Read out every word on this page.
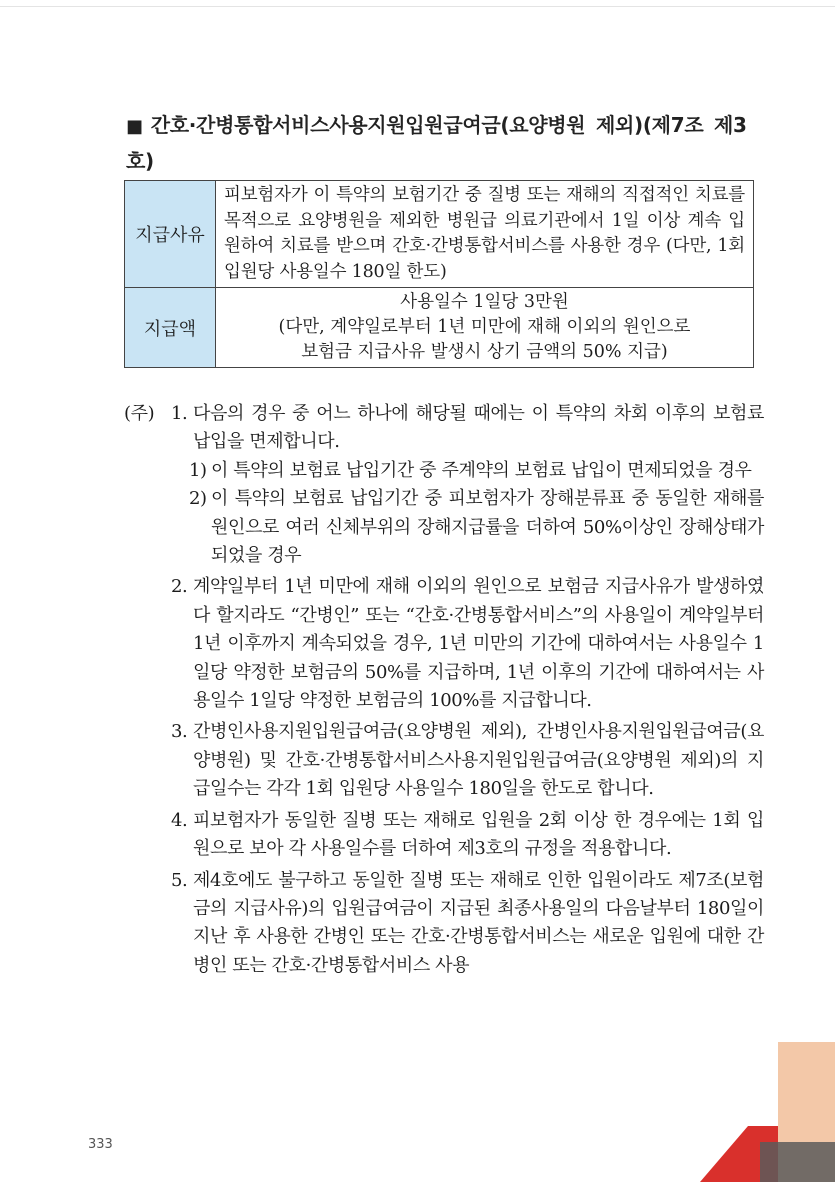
■ 간호·간병통합서비스사용지원입원급여금(요양병원 제외)(제7조 제3호)
지급사유	피보험자가 이 특약의 보험기간 중 질병 또는 재해의 직접적인 치료를 목적으로 요양병원을 제외한 병원급 의료기관에서 1일 이상 계속 입원하여 치료를 받으며 간호·간병통합서비스를 사용한 경우 (다만, 1회 입원당 사용일수 180일 한도)
지급액	사용일수 1일당 3만원
(다만, 계약일로부터 1년 미만에 재해 이외의 원인으로
보험금 지급사유 발생시 상기 금액의 50% 지급)
(주) 1. 다음의 경우 중 어느 하나에 해당될 때에는 이 특약의 차회 이후의 보험료 납입을 면제합니다.
1) 이 특약의 보험료 납입기간 중 주계약의 보험료 납입이 면제되었을 경우
2) 이 특약의 보험료 납입기간 중 피보험자가 장해분류표 중 동일한 재해를 원인으로 여러 신체부위의 장해지급률을 더하여 50%이상인 장해상태가 되었을 경우
2. 계약일부터 1년 미만에 재해 이외의 원인으로 보험금 지급사유가 발생하였다 할지라도 “간병인” 또는 “간호·간병통합서비스”의 사용일이 계약일부터 1년 이후까지 계속되었을 경우, 1년 미만의 기간에 대하여서는 사용일수 1일당 약정한 보험금의 50%를 지급하며, 1년 이후의 기간에 대하여서는 사용일수 1일당 약정한 보험금의 100%를 지급합니다.
3. 간병인사용지원입원급여금(요양병원 제외), 간병인사용지원입원급여금(요양병원) 및 간호·간병통합서비스사용지원입원급여금(요양병원 제외)의 지급일수는 각각 1회 입원당 사용일수 180일을 한도로 합니다.
4. 피보험자가 동일한 질병 또는 재해로 입원을 2회 이상 한 경우에는 1회 입원으로 보아 각 사용일수를 더하여 제3호의 규정을 적용합니다.
5. 제4호에도 불구하고 동일한 질병 또는 재해로 인한 입원이라도 제7조(보험금의 지급사유)의 입원급여금이 지급된 최종사용일의 다음날부터 180일이 지난 후 사용한 간병인 또는 간호·간병통합서비스는 새로운 입원에 대한 간병인 또는 간호·간병통합서비스 사용
333
